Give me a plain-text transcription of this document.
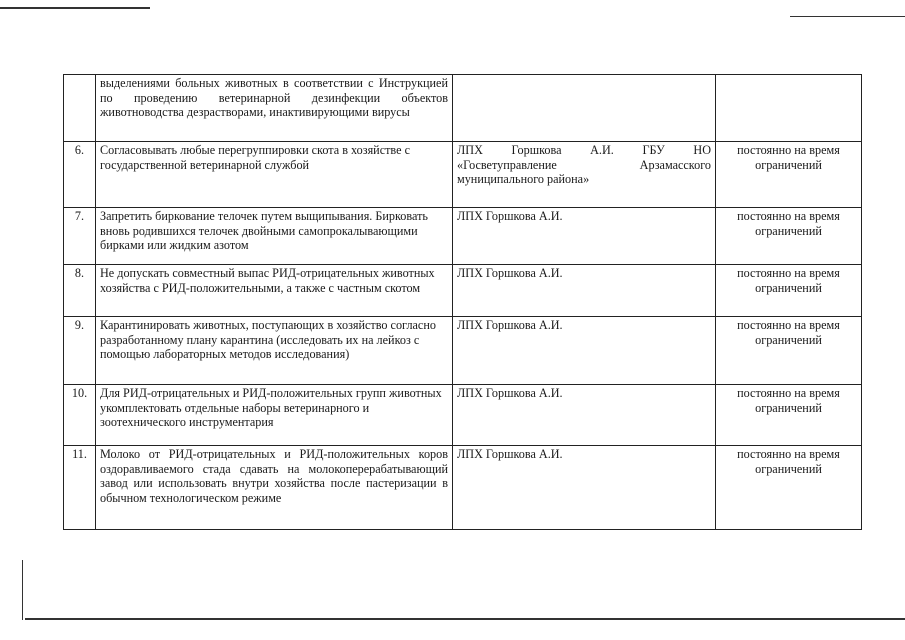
	выделениями больных животных в соответствии с Инструкцией по проведению ветеринарной дезинфекции объектов животноводства дезрастворами, инактивирующими вирусы		
6.	Согласовывать любые перегруппировки скота в хозяйстве с государственной ветеринарной службой	ЛПХ Горшкова А.И. ГБУ НО «Госветуправление Арзамасского муниципального района»	постоянно на время ограничений
7.	Запретить биркование телочек путем выщипывания. Бирковать вновь родившихся телочек двойными самопрокалывающими бирками или жидким азотом	ЛПХ Горшкова А.И.	постоянно на время ограничений
8.	Не допускать совместный выпас РИД-отрицательных животных хозяйства с РИД-положительными, а также с частным скотом	ЛПХ Горшкова А.И.	постоянно на время ограничений
9.	Карантинировать животных, поступающих в хозяйство согласно разработанному плану карантина (исследовать их на лейкоз с помощью лабораторных методов исследования)	ЛПХ Горшкова А.И.	постоянно на время ограничений
10.	Для РИД-отрицательных и РИД-положительных групп животных укомплектовать отдельные наборы ветеринарного и зоотехнического инструментария	ЛПХ Горшкова А.И.	постоянно на время ограничений
11.	Молоко от РИД-отрицательных и РИД-положительных коров оздоравливаемого стада сдавать на молокоперерабатывающий завод или использовать внутри хозяйства после пастеризации в обычном технологическом режиме	ЛПХ Горшкова А.И.	постоянно на время ограничений
